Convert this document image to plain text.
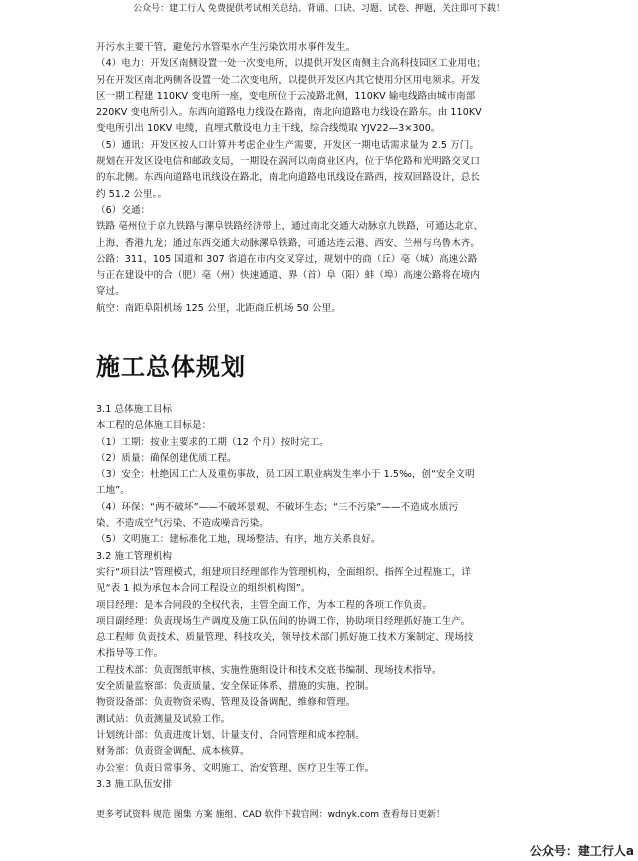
公众号：建工行人 免费提供考试相关总结、背诵、口诀、习题、试卷、押题，关注即可下载！

开污水主要干管，避免污水管渠水产生污染饮用水事件发生。

（4）电力：开发区南侧设置一处一次变电所，以提供开发区南侧主合高科技园区工业用电；

另在开发区南北两侧各设置一处二次变电所，以提供开发区内其它使用分区用电须求。开发

区一期工程建 110KV 变电所一座，变电所位于云凌路北侧，110KV 输电线路由城市南部

220KV 变电所引入。东西向道路电力线设在路南，南北向道路电力线设在路东。由 110KV

变电所引出 10KV 电缆，直埋式敷设电力主干线，综合线缆取 YJV22—3×300。

（5）通讯：开发区按人口计算并考虑企业生产需要，开发区一期电话需求量为 2.5 万门。

规划在开发区设电信和邮政支局，一期设在涡河以南商业区内，位于华佗路和光明路交叉口

的东北侧。东西向道路电讯线设在路北，南北向道路电讯线设在路西，按双回路设计，总长

约 51.2 公里。。

（6）交通：

铁路 亳州位于京九铁路与漯阜铁路经济带上，通过南北交通大动脉京九铁路，可通达北京、

上海、香港九龙；通过东西交通大动脉漯阜铁路，可通达连云港、西安、兰州与乌鲁木齐。

公路：311、105 国道和 307 省道在市内交叉穿过，规划中的商（丘）亳（城）高速公路

与正在建设中的合（肥）亳（州）快速通道、界（首）阜（阳）蚌（埠）高速公路将在境内

穿过。

航空：南距阜阳机场 125 公里，北距商丘机场 50 公里。

施工总体规划

3.1 总体施工目标

本工程的总体施工目标是：

（1）工期：按业主要求的工期（12 个月）按时完工。

（2）质量：确保创建优质工程。

（3）安全：杜绝因工亡人及重伤事故，员工因工职业病发生率小于 1.5‰，创“安全文明

工地”。

（4）环保：“两不破坏”——不破坏景观、不破坏生态；“三不污染”——不造成水质污

染、不造成空气污染、不造成噪音污染。

（5）文明施工：建标准化工地，现场整洁、有序，地方关系良好。

3.2 施工管理机构

实行“项目法”管理模式，组建项目经理部作为管理机构，全面组织、指挥全过程施工，详

见“表 1 拟为承包本合同工程设立的组织机构图”。

项目经理：是本合同段的全权代表，主管全面工作，为本工程的各项工作负责。

项目副经理：负责现场生产调度及施工队伍间的协调工作，协助项目经理抓好施工生产。

总工程师 负责技术、质量管理、科技攻关，领导技术部门抓好施工技术方案制定、现场技

术指导等工作。

工程技术部：负责图纸审核、实施性施组设计和技术交底书编制、现场技术指导。

安全质量监察部：负责质量、安全保证体系、措施的实施、控制。

物资设备部：负责物资采购、管理及设备调配、维修和管理。

测试站：负责测量及试验工作。

计划统计部：负责进度计划、计量支付、合同管理和成本控制。

财务部：负责资金调配、成本核算。

办公室：负责日常事务、文明施工、治安管理、医疗卫生等工作。

3.3 施工队伍安排

更多考试资料 规范 图集 方案 施组、CAD 软件下载官网：wdnyk.com 查看每日更新！
公众号：建工行人a
